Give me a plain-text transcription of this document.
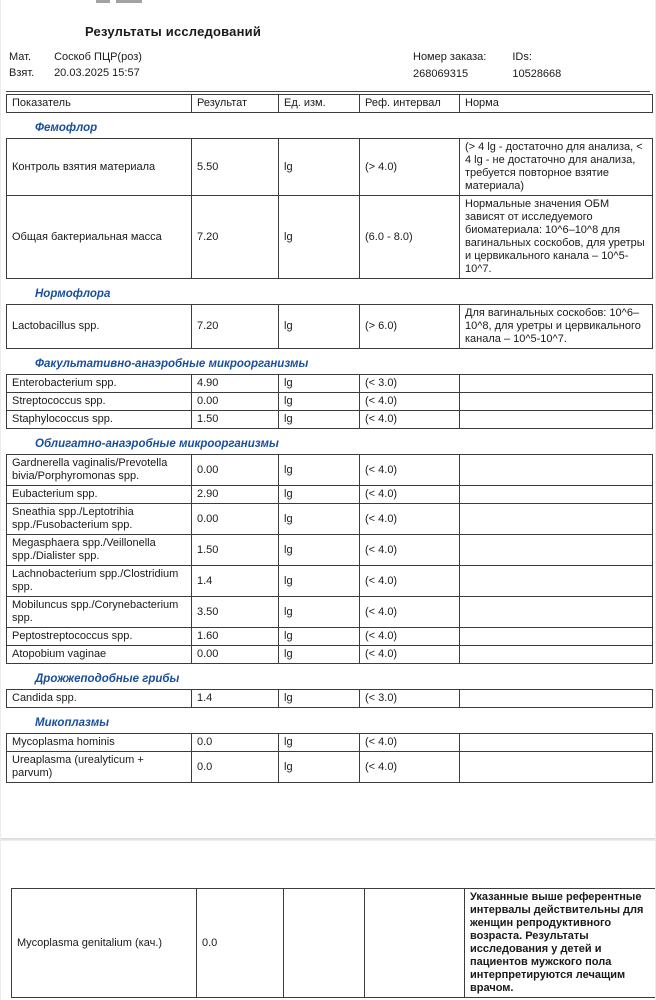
Результаты исследований
Мат. Соскоб ПЦР(роз)
Взят. 20.03.2025 15:57
Номер заказа:
268069315
IDs:
10528668
Показатель	Результат	Ед. изм.	Реф. интервал	Норма
Фемофлор
Контроль взятия материала	5.50	lg	(> 4.0)	(> 4 lg - достаточно для анализа, < 4 lg - не достаточно для анализа, требуется повторное взятие материала)
Общая бактериальная масса	7.20	lg	(6.0 - 8.0)	Нормальные значения ОБМ зависят от исследуемого биоматериала: 10^6–10^8 для вагинальных соскобов, для уретры и цервикального канала – 10^5-10^7.
Нормофлора
Lactobacillus spp.	7.20	lg	(> 6.0)	Для вагинальных соскобов: 10^6–10^8, для уретры и цервикального канала – 10^5-10^7.
Факультативно-анаэробные микроорганизмы
Enterobacterium spp.	4.90	lg	(< 3.0)	
Streptococcus spp.	0.00	lg	(< 4.0)	
Staphylococcus spp.	1.50	lg	(< 4.0)	
Облигатно-анаэробные микроорганизмы
Gardnerella vaginalis/Prevotella bivia/Porphyromonas spp.	0.00	lg	(< 4.0)	
Eubacterium spp.	2.90	lg	(< 4.0)	
Sneathia spp./Leptotrihia spp./Fusobacterium spp.	0.00	lg	(< 4.0)	
Megasphaera spp./Veillonella spp./Dialister spp.	1.50	lg	(< 4.0)	
Lachnobacterium spp./Clostridium spp.	1.4	lg	(< 4.0)	
Mobiluncus spp./Corynebacterium spp.	3.50	lg	(< 4.0)	
Peptostreptococcus spp.	1.60	lg	(< 4.0)	
Atopobium vaginae	0.00	lg	(< 4.0)	
Дрожжеподобные грибы
Candida spp.	1.4	lg	(< 3.0)	
Микоплазмы
Mycoplasma hominis	0.0	lg	(< 4.0)	
Ureaplasma (urealyticum + parvum)	0.0	lg	(< 4.0)	
Mycoplasma genitalium (кач.)	0.0			Указанные выше референтные интервалы действительны для женщин репродуктивного возраста. Результаты исследования у детей и пациентов мужского пола интерпретируются лечащим врачом.
